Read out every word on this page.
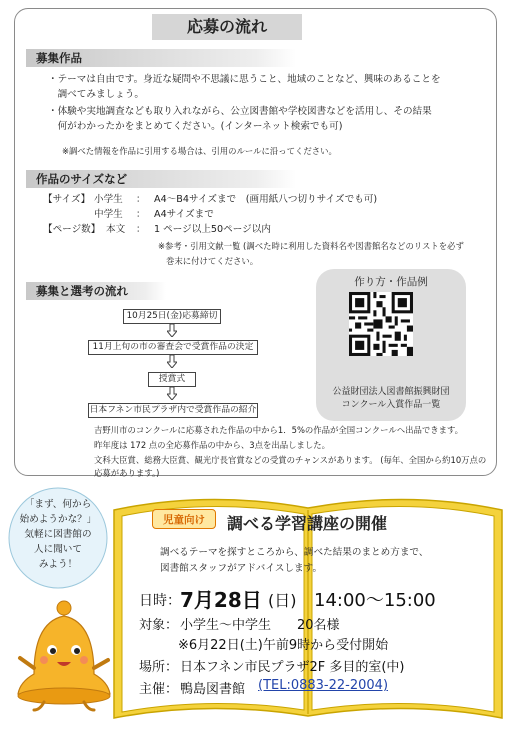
応募の流れ
募集作品
・テーマは自由です。身近な疑問や不思議に思うこと、地域のことなど、興味のあることを
　調べてみましょう。
・体験や実地調査なども取り入れながら、公立図書館や学校図書などを活用し、その結果
　何がわかったかをまとめてください。(インターネット検索でも可)
※調べた情報を作品に引用する場合は、引用のルールに沿ってください。
作品のサイズなど
【サイズ】 小学生 ： A4～B4サイズまで　(画用紙八つ切りサイズでも可)
中学生 ： A4サイズまで
【ページ数】 本文 ： 1 ページ以上50ページ以内
※参考・引用文献一覧 (調べた時に利用した資料名や図書館名などのリストを必ず
巻末に付けてください。
募集と選考の流れ
10月25日(金)応募締切
11月上旬の市の審査会で受賞作品の決定
授賞式
日本フネン市民プラザ内で受賞作品の紹介
吉野川市のコンクールに応募された作品の中から1．5%の作品が全国コンクールへ出品できます。
昨年度は 172 点の全応募作品の中から、3点を出品しました。
文科大臣賞、総務大臣賞、観光庁長官賞などの受賞のチャンスがあります。 (毎年、全国から約10万点の
応募があります。)
作り方・作品例
公益財団法人図書館振興財団
コンクール入賞作品一覧
「まず、何から
始めようかな？」
気軽に図書館の
人に聞いて
みよう！
児童向け	調べる学習講座の開催
調べるテーマを探すところから、調べた結果のまとめ方まで、
図書館スタッフがアドバイスします。
日時： 7月28日 (日) 14:00～15:00
対象： 小学生～中学生　　20名様
※6月22日(土)午前9時から受付開始
場所： 日本フネン市民プラザ2F 多目的室(中)
主催： 鴨島図書館 (TEL:0883-22-2004)
